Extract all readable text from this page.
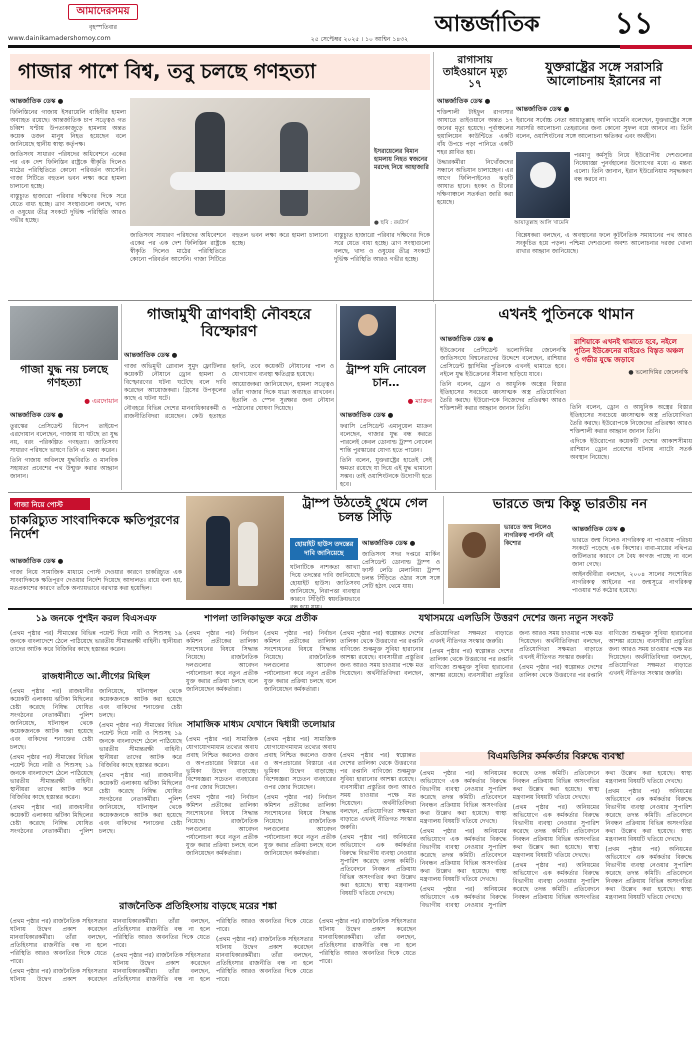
আমাদেরসময়
বৃহস্পতিবার
www.dainikamadershomoy.com	২৫ সেপ্টেম্বর ২০২৫ । ১০ আশ্বিন ১৪৩২
আন্তর্জাতিক	১১
গাজার পাশে বিশ্ব, তবু চলছে গণহত্যা
আন্তর্জাতিক ডেস্ক ●

ফিলিস্তিনের গাজায় ইসরায়েলি বাহিনীর হামলা অব্যাহত রয়েছে। আন্তর্জাতিক চাপ সত্ত্বেও গত চব্বিশ ঘণ্টায় উপত্যকাজুড়ে হামলায় অন্তত কয়েক ডজন মানুষ নিহত হয়েছেন বলে জানিয়েছে স্থানীয় স্বাস্থ্য কর্তৃপক্ষ।

জাতিসংঘ সাধারণ পরিষদের অধিবেশনে একের পর এক দেশ ফিলিস্তিন রাষ্ট্রকে স্বীকৃতি দিলেও মাঠের পরিস্থিতিতে কোনো পরিবর্তন আসেনি। গাজা সিটিতে বহুতল ভবন লক্ষ্য করে হামলা চালানো হচ্ছে।

বাস্তুচ্যুত হাজারো পরিবার দক্ষিণের দিকে সরে যেতে বাধ্য হচ্ছে। ত্রাণ সংস্থাগুলো বলছে, খাদ্য ও ওষুধের তীব্র সংকটে দুর্ভিক্ষ পরিস্থিতি আরও গভীর হচ্ছে।

ইসরায়েলের বিমান হামলায় নিহত স্বজনের মরদেহ নিয়ে আহাজারি
● ছবি : রয়টার্স

জাতিসংঘ সাধারণ পরিষদের অধিবেশনে একের পর এক দেশ ফিলিস্তিন রাষ্ট্রকে স্বীকৃতি দিলেও মাঠের পরিস্থিতিতে কোনো পরিবর্তন আসেনি। গাজা সিটিতে বহুতল ভবন লক্ষ্য করে হামলা চালানো হচ্ছে।

বাস্তুচ্যুত হাজারো পরিবার দক্ষিণের দিকে সরে যেতে বাধ্য হচ্ছে। ত্রাণ সংস্থাগুলো বলছে, খাদ্য ও ওষুধের তীব্র সংকটে দুর্ভিক্ষ পরিস্থিতি আরও গভীর হচ্ছে।

রাগাসায় তাইওয়ানে মৃত্যু ১৭
আন্তর্জাতিক ডেস্ক ●

শক্তিশালী টাইফুন রাগাসার আঘাতে তাইওয়ানে অন্তত ১৭ জনের মৃত্যু হয়েছে। পূর্বাঞ্চলের হুয়ালিয়েন কাউন্টিতে একটি বাঁধ উপচে পড়া পানিতে একটি শহর প্লাবিত হয়।

উদ্ধারকর্মীরা নিখোঁজদের সন্ধানে অভিযান চালাচ্ছেন। এর আগে ফিলিপাইনেও ঝড়টি আঘাত হানে। হংকং ও চীনের দক্ষিণাঞ্চলে সতর্কতা জারি করা হয়েছে।

যুক্তরাষ্ট্রের সঙ্গে সরাসরি আলোচনায় ইরানের না
আন্তর্জাতিক ডেস্ক ●
ইরানের সর্বোচ্চ নেতা আয়াতুল্লাহ আলি খামেনি বলেছেন, যুক্তরাষ্ট্রের সঙ্গে সরাসরি আলোচনা তেহরানের জন্য কোনো সুফল বয়ে আনবে না। তিনি বলেন, ওয়াশিংটনের সঙ্গে আলোচনা ক্ষতিকর এবং অর্থহীন।
আয়াতুল্লাহ আলি খামেনি
পরমাণু কর্মসূচি নিয়ে ইউরোপীয় দেশগুলোর নিষেধাজ্ঞা পুনর্বহালের উদ্যোগের মধ্যে এ মন্তব্য এলো। তিনি জানান, ইরান ইউরেনিয়াম সমৃদ্ধকরণ বন্ধ করবে না।
বিশ্লেষকরা বলছেন, এ অবস্থানের ফলে কূটনৈতিক সমাধানের পথ আরও সংকুচিত হয়ে পড়ল। পশ্চিমা দেশগুলো অবশ্য আলোচনার দরজা খোলা রাখার আহ্বান জানিয়েছে।
গাজা যুদ্ধ নয় চলছে গণহত্যা
● এরদোয়ান
আন্তর্জাতিক ডেস্ক ●

তুরস্কের প্রেসিডেন্ট রিসেপ তাইয়েপ এরদোয়ান বলেছেন, গাজায় যা ঘটছে তা যুদ্ধ নয়, বরং পরিকল্পিত গণহত্যা। জাতিসংঘ সাধারণ পরিষদে ভাষণে তিনি এ মন্তব্য করেন।

তিনি গাজায় অবিলম্বে যুদ্ধবিরতি ও মানবিক সহায়তা প্রবেশের পথ উন্মুক্ত করার আহ্বান জানান।

গাজামুখী ত্রাণবাহী নৌবহরে বিস্ফোরণ
আন্তর্জাতিক ডেস্ক ●

গাজা অভিমুখী গ্লোবাল সুমুদ ফ্লোটিলার কয়েকটি নৌযানে ড্রোন হামলা ও বিস্ফোরণের ঘটনা ঘটেছে বলে দাবি করেছেন আয়োজকরা। গ্রিসের উপকূলের কাছে এ ঘটনা ঘটে।

নৌবহরে বিভিন্ন দেশের মানবাধিকারকর্মী ও রাজনীতিবিদরা রয়েছেন। কেউ হতাহত হননি, তবে কয়েকটি নৌযানের পাল ও যোগাযোগ ব্যবস্থা ক্ষতিগ্রস্ত হয়েছে।

আয়োজকরা জানিয়েছেন, হামলা সত্ত্বেও তাঁরা গাজার দিকে যাত্রা অব্যাহত রাখবেন। ইতালি ও স্পেন সুরক্ষার জন্য নৌযান পাঠানোর ঘোষণা দিয়েছে।

ট্রাম্প যদি নোবেল চান…
● ম্যাক্রন
আন্তর্জাতিক ডেস্ক ●

ফরাসি প্রেসিডেন্ট এমানুয়েল ম্যাক্রন বলেছেন, গাজার যুদ্ধ বন্ধ করতে পারলেই কেবল ডোনাল্ড ট্রাম্প নোবেল শান্তি পুরস্কারের যোগ্য হতে পারেন।

তিনি বলেন, যুক্তরাষ্ট্রের হাতেই সেই ক্ষমতা রয়েছে যা দিয়ে এই যুদ্ধ থামানো সম্ভব। তাই ওয়াশিংটনকে উদ্যোগী হতে হবে।

এখনই পুতিনকে থামান
আন্তর্জাতিক ডেস্ক ●

ইউক্রেনের প্রেসিডেন্ট ভলোদিমির জেলেনস্কি জাতিসংঘে বিশ্বনেতাদের উদ্দেশে বলেছেন, রাশিয়ার প্রেসিডেন্ট ভ্লাদিমির পুতিনকে এখনই থামাতে হবে। নইলে যুদ্ধ ইউক্রেনের সীমানা ছাড়িয়ে যাবে।

তিনি বলেন, ড্রোন ও আধুনিক অস্ত্রের বিস্তার ইতিহাসের সবচেয়ে ধ্বংসাত্মক অস্ত্র প্রতিযোগিতা তৈরি করছে। ইউরোপকে নিজেদের প্রতিরক্ষা আরও শক্তিশালী করার আহ্বান জানান তিনি।

রাশিয়াকে এখনই থামাতে হবে, নইলে পুতিন ইউক্রেনের বাইরেও বিস্তৃত অঞ্চল ও গভীর যুদ্ধে জড়াবে
● ভলোদিমির জেলেনস্কি

তিনি বলেন, ড্রোন ও আধুনিক অস্ত্রের বিস্তার ইতিহাসের সবচেয়ে ধ্বংসাত্মক অস্ত্র প্রতিযোগিতা তৈরি করছে। ইউরোপকে নিজেদের প্রতিরক্ষা আরও শক্তিশালী করার আহ্বান জানান তিনি।

এদিকে ইউরোপের কয়েকটি দেশের আকাশসীমায় রাশিয়ান ড্রোন প্রবেশের ঘটনায় ন্যাটো সতর্ক অবস্থান নিয়েছে।

গাজা নিয়ে পোস্ট
চাকরিচ্যুত সাংবাদিককে ক্ষতিপূরণের নির্দেশ
আন্তর্জাতিক ডেস্ক ●
গাজা নিয়ে সামাজিক মাধ্যমে পোস্ট দেওয়ার কারণে চাকরিচ্যুত এক সাংবাদিককে ক্ষতিপূরণ দেওয়ার নির্দেশ দিয়েছে আদালত। রায়ে বলা হয়, মতপ্রকাশের কারণে তাঁকে অন্যায়ভাবে বরখাস্ত করা হয়েছিল।
ট্রাম্প উঠতেই থেমে গেল চলন্ত সিঁড়ি
হোয়াইট হাউস তদন্তের দাবি জানিয়েছে
আন্তর্জাতিক ডেস্ক ●
জাতিসংঘ সদর দপ্তরে মার্কিন প্রেসিডেন্ট ডোনাল্ড ট্রাম্প ও ফার্স্ট লেডি মেলানিয়া ট্রাম্প চলন্ত সিঁড়িতে ওঠার সঙ্গে সঙ্গে সেটি হঠাৎ থেমে যায়।
ঘটনাটিকে নাশকতা আখ্যা দিয়ে তদন্তের দাবি জানিয়েছে হোয়াইট হাউস। জাতিসংঘ জানিয়েছে, নিরাপত্তা ব্যবস্থার কারণে সিঁড়িটি স্বয়ংক্রিয়ভাবে
ভারতে জন্ম কিন্তু ভারতীয় নন
ভারতে জন্ম নিলেও নাগরিকত্ব পাননি এই কিশোর
আন্তর্জাতিক ডেস্ক ●

ভারতে জন্ম নিলেও নাগরিকত্ব না পাওয়ায় পরিচয় সংকটে পড়েছে এক কিশোর। বাবা-মায়ের নথিপত্র জটিলতার কারণে সে বৈধ কাগজ পাচ্ছে না বলে জানা গেছে।

আইনজীবীরা বলছেন, ২০০৪ সালের সংশোধিত নাগরিকত্ব আইনের পর জন্মসূত্রে নাগরিকত্ব পাওয়ার শর্ত কঠোর হয়েছে।

১৯ জনকে পুশইন করল বিএসএফ
(প্রথম পৃষ্ঠার পর) সীমান্তের বিভিন্ন পয়েন্ট দিয়ে নারী ও শিশুসহ ১৯ জনকে বাংলাদেশে ঠেলে পাঠিয়েছে ভারতীয় সীমান্তরক্ষী বাহিনী। স্থানীয়রা তাদের আটক করে বিজিবির কাছে হস্তান্তর করেন।
রাজধানীতে আ.লীগের মিছিল

(প্রথম পৃষ্ঠার পর) রাজধানীর কয়েকটি এলাকায় ঝটিকা মিছিলের চেষ্টা করেছে নিষিদ্ধ ঘোষিত সংগঠনের নেতাকর্মীরা। পুলিশ জানিয়েছে, ঘটনাস্থল থেকে কয়েকজনকে আটক করা হয়েছে এবং বাকিদের শনাক্তের চেষ্টা চলছে।

(প্রথম পৃষ্ঠার পর) সীমান্তের বিভিন্ন পয়েন্ট দিয়ে নারী ও শিশুসহ ১৯ জনকে বাংলাদেশে ঠেলে পাঠিয়েছে ভারতীয় সীমান্তরক্ষী বাহিনী। স্থানীয়রা তাদের আটক করে বিজিবির কাছে হস্তান্তর করেন।

(প্রথম পৃষ্ঠার পর) রাজধানীর কয়েকটি এলাকায় ঝটিকা মিছিলের চেষ্টা করেছে নিষিদ্ধ ঘোষিত সংগঠনের নেতাকর্মীরা। পুলিশ জানিয়েছে, ঘটনাস্থল থেকে কয়েকজনকে আটক করা হয়েছে এবং বাকিদের শনাক্তের চেষ্টা চলছে।

(প্রথম পৃষ্ঠার পর) সীমান্তের বিভিন্ন পয়েন্ট দিয়ে নারী ও শিশুসহ ১৯ জনকে বাংলাদেশে ঠেলে পাঠিয়েছে ভারতীয় সীমান্তরক্ষী বাহিনী। স্থানীয়রা তাদের আটক করে বিজিবির কাছে হস্তান্তর করেন।

(প্রথম পৃষ্ঠার পর) রাজধানীর কয়েকটি এলাকায় ঝটিকা মিছিলের চেষ্টা করেছে নিষিদ্ধ ঘোষিত সংগঠনের নেতাকর্মীরা। পুলিশ জানিয়েছে, ঘটনাস্থল থেকে কয়েকজনকে আটক করা হয়েছে এবং বাকিদের শনাক্তের চেষ্টা চলছে।

শাপলা তালিকাভুক্ত করে প্রতীক

(প্রথম পৃষ্ঠার পর) নির্বাচন কমিশন প্রতীকের তালিকা সংশোধনের বিষয়ে সিদ্ধান্ত নিয়েছে। রাজনৈতিক দলগুলোর আবেদন পর্যালোচনা করে নতুন প্রতীক যুক্ত করার প্রক্রিয়া চলছে বলে জানিয়েছেন কর্মকর্তারা।

(প্রথম পৃষ্ঠার পর) নির্বাচন কমিশন প্রতীকের তালিকা সংশোধনের বিষয়ে সিদ্ধান্ত নিয়েছে। রাজনৈতিক দলগুলোর আবেদন পর্যালোচনা করে নতুন প্রতীক যুক্ত করার প্রক্রিয়া চলছে বলে জানিয়েছেন কর্মকর্তারা।

সামাজিক মাধ্যম যেখানে দ্বিধারী তলোয়ার

(প্রথম পৃষ্ঠার পর) সামাজিক যোগাযোগমাধ্যম তথ্যের অবাধ প্রবাহ নিশ্চিত করলেও গুজব ও অপপ্রচারের বিস্তারে এর ভূমিকা উদ্বেগ বাড়াচ্ছে। বিশেষজ্ঞরা সচেতন ব্যবহারের ওপর জোর দিয়েছেন।

(প্রথম পৃষ্ঠার পর) নির্বাচন কমিশন প্রতীকের তালিকা সংশোধনের বিষয়ে সিদ্ধান্ত নিয়েছে। রাজনৈতিক দলগুলোর আবেদন পর্যালোচনা করে নতুন প্রতীক যুক্ত করার প্রক্রিয়া চলছে বলে জানিয়েছেন কর্মকর্তারা।

(প্রথম পৃষ্ঠার পর) সামাজিক যোগাযোগমাধ্যম তথ্যের অবাধ প্রবাহ নিশ্চিত করলেও গুজব ও অপপ্রচারের বিস্তারে এর ভূমিকা উদ্বেগ বাড়াচ্ছে। বিশেষজ্ঞরা সচেতন ব্যবহারের ওপর জোর দিয়েছেন।

(প্রথম পৃষ্ঠার পর) নির্বাচন কমিশন প্রতীকের তালিকা সংশোধনের বিষয়ে সিদ্ধান্ত নিয়েছে। রাজনৈতিক দলগুলোর আবেদন পর্যালোচনা করে নতুন প্রতীক যুক্ত করার প্রক্রিয়া চলছে বলে জানিয়েছেন কর্মকর্তারা।

যথাসময়ে এলডিসি উত্তরণ দেশের জন্য নতুন সংকট

(প্রথম পৃষ্ঠার পর) স্বল্পোন্নত দেশের তালিকা থেকে উত্তরণের পর রপ্তানি বাণিজ্যে শুল্কমুক্ত সুবিধা হারানোর আশঙ্কা রয়েছে। ব্যবসায়ীরা প্রস্তুতির জন্য আরও সময় চাওয়ার পক্ষে মত দিয়েছেন। অর্থনীতিবিদরা বলছেন, প্রতিযোগিতা সক্ষমতা বাড়াতে এখনই নীতিগত সংস্কার জরুরি।

(প্রথম পৃষ্ঠার পর) স্বল্পোন্নত দেশের তালিকা থেকে উত্তরণের পর রপ্তানি বাণিজ্যে শুল্কমুক্ত সুবিধা হারানোর আশঙ্কা রয়েছে। ব্যবসায়ীরা প্রস্তুতির জন্য আরও সময় চাওয়ার পক্ষে মত দিয়েছেন। অর্থনীতিবিদরা বলছেন, প্রতিযোগিতা সক্ষমতা বাড়াতে এখনই নীতিগত সংস্কার জরুরি।

(প্রথম পৃষ্ঠার পর) স্বল্পোন্নত দেশের তালিকা থেকে উত্তরণের পর রপ্তানি বাণিজ্যে শুল্কমুক্ত সুবিধা হারানোর আশঙ্কা রয়েছে। ব্যবসায়ীরা প্রস্তুতির জন্য আরও সময় চাওয়ার পক্ষে মত দিয়েছেন। অর্থনীতিবিদরা বলছেন, প্রতিযোগিতা সক্ষমতা বাড়াতে এখনই নীতিগত সংস্কার জরুরি।

বিএমডিসির কর্মকর্তার বিরুদ্ধে ব্যবস্থা

(প্রথম পৃষ্ঠার পর) স্বল্পোন্নত দেশের তালিকা থেকে উত্তরণের পর রপ্তানি বাণিজ্যে শুল্কমুক্ত সুবিধা হারানোর আশঙ্কা রয়েছে। ব্যবসায়ীরা প্রস্তুতির জন্য আরও সময় চাওয়ার পক্ষে মত দিয়েছেন। অর্থনীতিবিদরা বলছেন, প্রতিযোগিতা সক্ষমতা বাড়াতে এখনই নীতিগত সংস্কার জরুরি।

(প্রথম পৃষ্ঠার পর) অনিয়মের অভিযোগে এক কর্মকর্তার বিরুদ্ধে বিভাগীয় ব্যবস্থা নেওয়ার সুপারিশ করেছে তদন্ত কমিটি। প্রতিবেদনে নিবন্ধন প্রক্রিয়ায় বিভিন্ন অসংগতির কথা উল্লেখ করা হয়েছে। স্বাস্থ্য মন্ত্রণালয় বিষয়টি খতিয়ে দেখছে।

(প্রথম পৃষ্ঠার পর) অনিয়মের অভিযোগে এক কর্মকর্তার বিরুদ্ধে বিভাগীয় ব্যবস্থা নেওয়ার সুপারিশ করেছে তদন্ত কমিটি। প্রতিবেদনে নিবন্ধন প্রক্রিয়ায় বিভিন্ন অসংগতির কথা উল্লেখ করা হয়েছে। স্বাস্থ্য মন্ত্রণালয় বিষয়টি খতিয়ে দেখছে।

(প্রথম পৃষ্ঠার পর) অনিয়মের অভিযোগে এক কর্মকর্তার বিরুদ্ধে বিভাগীয় ব্যবস্থা নেওয়ার সুপারিশ করেছে তদন্ত কমিটি। প্রতিবেদনে নিবন্ধন প্রক্রিয়ায় বিভিন্ন অসংগতির কথা উল্লেখ করা হয়েছে। স্বাস্থ্য মন্ত্রণালয় বিষয়টি খতিয়ে দেখছে।

(প্রথম পৃষ্ঠার পর) অনিয়মের অভিযোগে এক কর্মকর্তার বিরুদ্ধে বিভাগীয় ব্যবস্থা নেওয়ার সুপারিশ করেছে তদন্ত কমিটি। প্রতিবেদনে নিবন্ধন প্রক্রিয়ায় বিভিন্ন অসংগতির কথা উল্লেখ করা হয়েছে। স্বাস্থ্য মন্ত্রণালয় বিষয়টি খতিয়ে দেখছে।

(প্রথম পৃষ্ঠার পর) অনিয়মের অভিযোগে এক কর্মকর্তার বিরুদ্ধে বিভাগীয় ব্যবস্থা নেওয়ার সুপারিশ করেছে তদন্ত কমিটি। প্রতিবেদনে নিবন্ধন প্রক্রিয়ায় বিভিন্ন অসংগতির কথা উল্লেখ করা হয়েছে। স্বাস্থ্য মন্ত্রণালয় বিষয়টি খতিয়ে দেখছে।

(প্রথম পৃষ্ঠার পর) অনিয়মের অভিযোগে এক কর্মকর্তার বিরুদ্ধে বিভাগীয় ব্যবস্থা নেওয়ার সুপারিশ করেছে তদন্ত কমিটি। প্রতিবেদনে নিবন্ধন প্রক্রিয়ায় বিভিন্ন অসংগতির কথা উল্লেখ করা হয়েছে। স্বাস্থ্য মন্ত্রণালয় বিষয়টি খতিয়ে দেখছে।

(প্রথম পৃষ্ঠার পর) অনিয়মের অভিযোগে এক কর্মকর্তার বিরুদ্ধে বিভাগীয় ব্যবস্থা নেওয়ার সুপারিশ করেছে তদন্ত কমিটি। প্রতিবেদনে নিবন্ধন প্রক্রিয়ায় বিভিন্ন অসংগতির কথা উল্লেখ করা হয়েছে। স্বাস্থ্য মন্ত্রণালয় বিষয়টি খতিয়ে দেখছে।

(প্রথম পৃষ্ঠার পর) অনিয়মের অভিযোগে এক কর্মকর্তার বিরুদ্ধে বিভাগীয় ব্যবস্থা নেওয়ার সুপারিশ করেছে তদন্ত কমিটি। প্রতিবেদনে নিবন্ধন প্রক্রিয়ায় বিভিন্ন অসংগতির কথা উল্লেখ করা হয়েছে। স্বাস্থ্য মন্ত্রণালয় বিষয়টি খতিয়ে দেখছে।

রাজনৈতিক প্রতিহিংসায় বাড়ছে মরের শঙ্কা

(প্রথম পৃষ্ঠার পর) রাজনৈতিক সহিংসতার ঘটনায় উদ্বেগ প্রকাশ করেছেন মানবাধিকারকর্মীরা। তাঁরা বলছেন, প্রতিহিংসার রাজনীতি বন্ধ না হলে পরিস্থিতি আরও অবনতির দিকে যেতে পারে।

(প্রথম পৃষ্ঠার পর) রাজনৈতিক সহিংসতার ঘটনায় উদ্বেগ প্রকাশ করেছেন মানবাধিকারকর্মীরা। তাঁরা বলছেন, প্রতিহিংসার রাজনীতি বন্ধ না হলে পরিস্থিতি আরও অবনতির দিকে যেতে পারে।

(প্রথম পৃষ্ঠার পর) রাজনৈতিক সহিংসতার ঘটনায় উদ্বেগ প্রকাশ করেছেন মানবাধিকারকর্মীরা। তাঁরা বলছেন, প্রতিহিংসার রাজনীতি বন্ধ না হলে পরিস্থিতি আরও অবনতির দিকে যেতে পারে।

(প্রথম পৃষ্ঠার পর) রাজনৈতিক সহিংসতার ঘটনায় উদ্বেগ প্রকাশ করেছেন মানবাধিকারকর্মীরা। তাঁরা বলছেন, প্রতিহিংসার রাজনীতি বন্ধ না হলে পরিস্থিতি আরও অবনতির দিকে যেতে পারে।

(প্রথম পৃষ্ঠার পর) রাজনৈতিক সহিংসতার ঘটনায় উদ্বেগ প্রকাশ করেছেন মানবাধিকারকর্মীরা। তাঁরা বলছেন, প্রতিহিংসার রাজনীতি বন্ধ না হলে পরিস্থিতি আরও অবনতির দিকে যেতে পারে।
